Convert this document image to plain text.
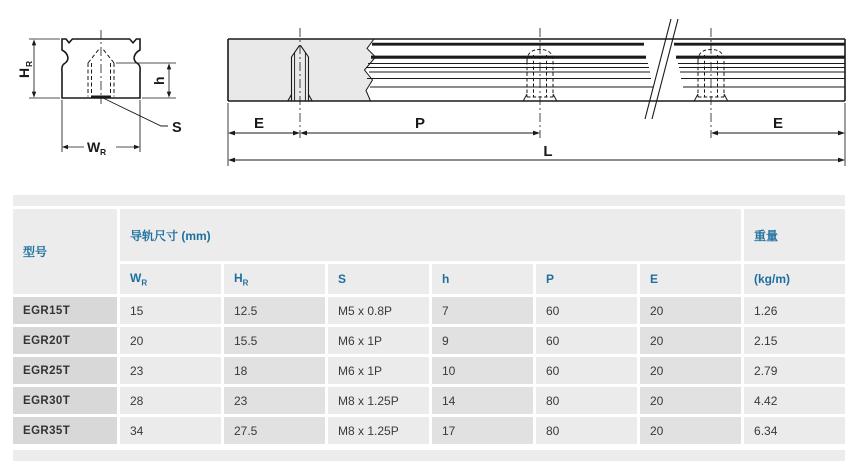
H
R
h
W R
S	E	P	E
L
型号	导轨尺寸 (mm)						重量
	$W_R$	$H_R$	S	h	P	E	(kg/m)
EGR15T	15	12.5	M5 x 0.8P	7	60	20	1.26
EGR20T	20	15.5	M6 x 1P	9	60	20	2.15
EGR25T	23	18	M6 x 1P	10	60	20	2.79
EGR30T	28	23	M8 x 1.25P	14	80	20	4.42
EGR35T	34	27.5	M8 x 1.25P	17	80	20	6.34
